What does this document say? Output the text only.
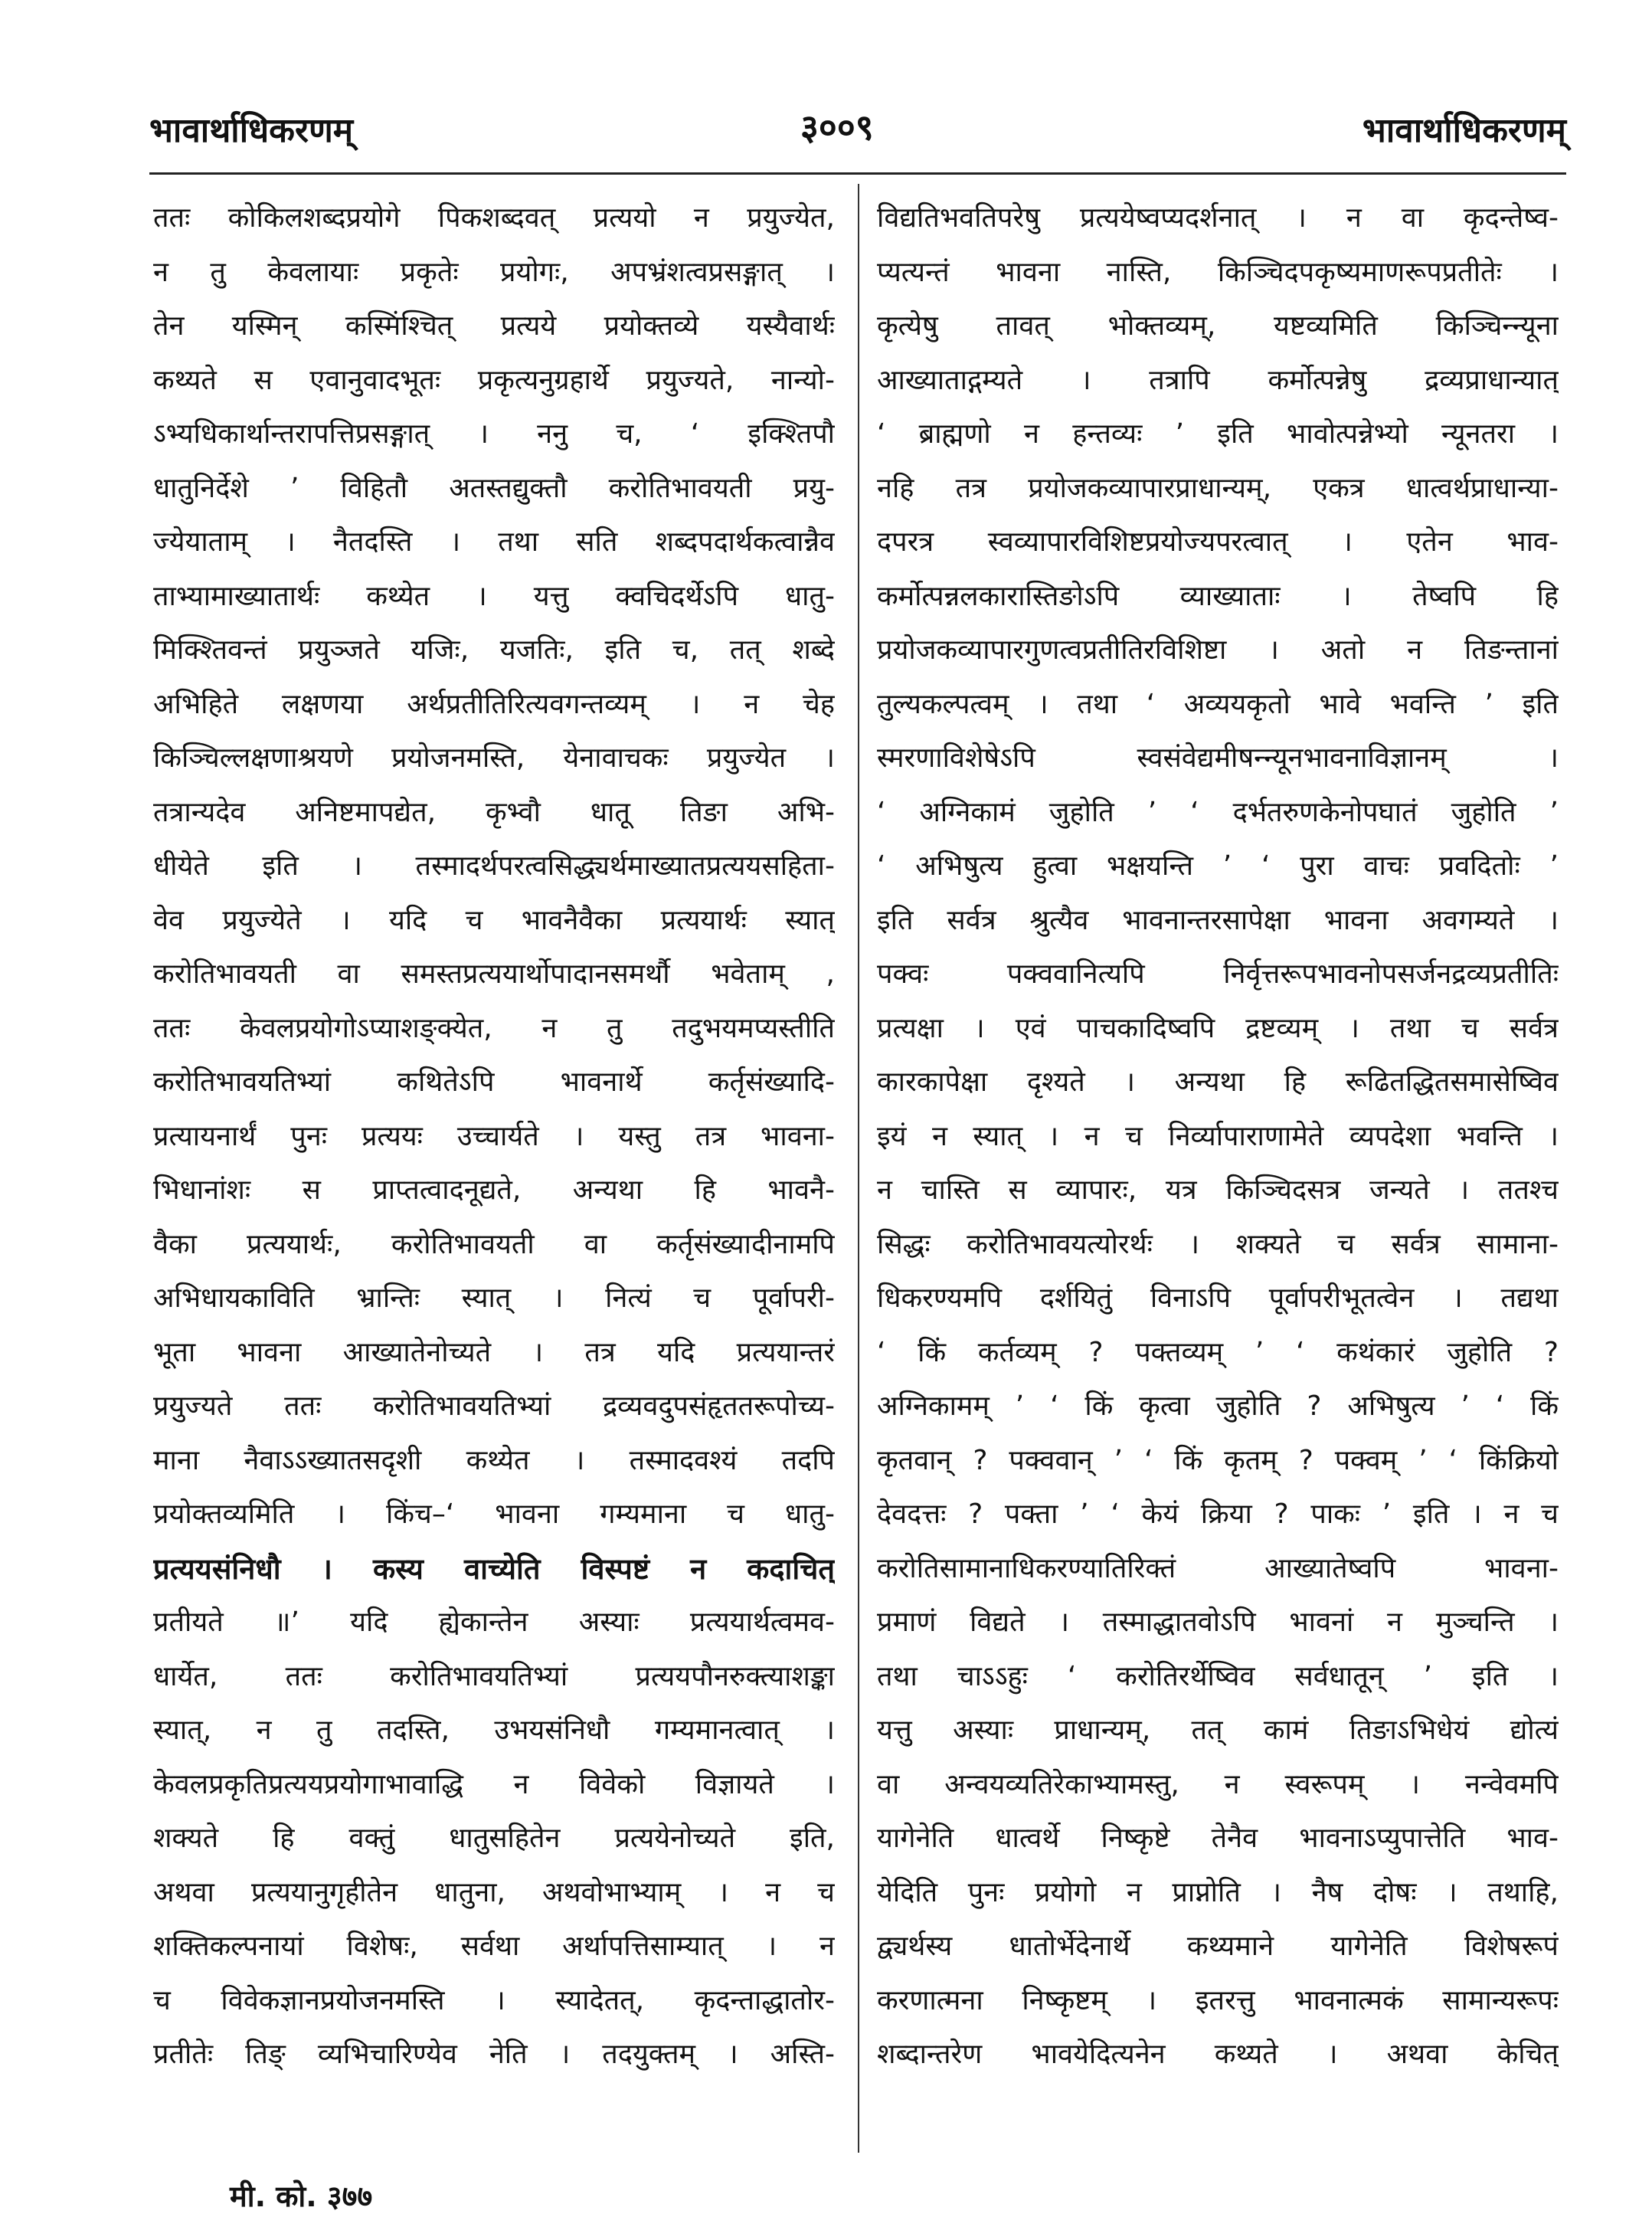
भावार्थाधिकरणम्	३००९	भावार्थाधिकरणम्
ततः कोकिलशब्दप्रयोगे पिकशब्दवत् प्रत्ययो न प्रयुज्येत,
न तु केवलायाः प्रकृतेः प्रयोगः, अपभ्रंशत्वप्रसङ्गात् ।
तेन यस्मिन् कस्मिंश्चित् प्रत्यये प्रयोक्तव्ये यस्यैवार्थः
कथ्यते स एवानुवादभूतः प्रकृत्यनुग्रहार्थे प्रयुज्यते, नान्यो-
ऽभ्यधिकार्थान्तरापत्तिप्रसङ्गात् । ननु च, ‘ इक्श्तिपौ
धातुनिर्देशे ’ विहितौ अतस्तद्युक्तौ करोतिभावयती प्रयु-
ज्येयाताम् । नैतदस्ति । तथा सति शब्दपदार्थकत्वान्नैव
ताभ्यामाख्यातार्थः कथ्येत । यत्तु क्वचिदर्थेऽपि धातु-
मिक्श्तिवन्तं प्रयुञ्जते यजिः, यजतिः, इति च, तत् शब्दे
अभिहिते लक्षणया अर्थप्रतीतिरित्यवगन्तव्यम् । न चेह
किञ्चिल्लक्षणाश्रयणे प्रयोजनमस्ति, येनावाचकः प्रयुज्येत ।
तत्रान्यदेव अनिष्टमापद्येत, कृभ्वौ धातू तिङा अभि-
धीयेते इति । तस्मादर्थपरत्वसिद्ध्यर्थमाख्यातप्रत्ययसहिता-
वेव प्रयुज्येते । यदि च भावनैवैका प्रत्ययार्थः स्यात्
करोतिभावयती वा समस्तप्रत्ययार्थोपादानसमर्थौ भवेताम् ,
ततः केवलप्रयोगोऽप्याशङ्क्येत, न तु तदुभयमप्यस्तीति
करोतिभावयतिभ्यां कथितेऽपि भावनार्थे कर्तृसंख्यादि-
प्रत्यायनार्थं पुनः प्रत्ययः उच्चार्यते । यस्तु तत्र भावना-
भिधानांशः स प्राप्तत्वादनूद्यते, अन्यथा हि भावनै-
वैका प्रत्ययार्थः, करोतिभावयती वा कर्तृसंख्यादीनामपि
अभिधायकाविति भ्रान्तिः स्यात् । नित्यं च पूर्वापरी-
भूता भावना आख्यातेनोच्यते । तत्र यदि प्रत्ययान्तरं
प्रयुज्यते ततः करोतिभावयतिभ्यां द्रव्यवदुपसंहृततरूपोच्य-
माना नैवाऽऽख्यातसदृशी कथ्येत । तस्मादवश्यं तदपि
प्रयोक्तव्यमिति । किंच–‘ भावना गम्यमाना च धातु-
प्रत्ययसंनिधौ । कस्य वाच्येति विस्पष्टं न कदाचित्
प्रतीयते ॥’ यदि ह्येकान्तेन अस्याः प्रत्ययार्थत्वमव-
धार्येत, ततः करोतिभावयतिभ्यां प्रत्ययपौनरुक्त्याशङ्का
स्यात्, न तु तदस्ति, उभयसंनिधौ गम्यमानत्वात् ।
केवलप्रकृतिप्रत्ययप्रयोगाभावाद्धि न विवेको विज्ञायते ।
शक्यते हि वक्तुं धातुसहितेन प्रत्ययेनोच्यते इति,
अथवा प्रत्ययानुगृहीतेन धातुना, अथवोभाभ्याम् । न च
शक्तिकल्पनायां विशेषः, सर्वथा अर्थापत्तिसाम्यात् । न
च विवेकज्ञानप्रयोजनमस्ति । स्यादेतत्, कृदन्ताद्धातोर-
प्रतीतेः तिङ् व्यभिचारिण्येव नेति । तदयुक्तम् । अस्ति-
विद्यतिभवतिपरेषु प्रत्ययेष्वप्यदर्शनात् । न वा कृदन्तेष्व-
प्यत्यन्तं भावना नास्ति, किञ्चिदपकृष्यमाणरूपप्रतीतेः ।
कृत्येषु तावत् भोक्तव्यम्, यष्टव्यमिति किञ्चिन्न्यूना
आख्याताद्गम्यते । तत्रापि कर्मोत्पन्नेषु द्रव्यप्राधान्यात्
‘ ब्राह्मणो न हन्तव्यः ’ इति भावोत्पन्नेभ्यो न्यूनतरा ।
नहि तत्र प्रयोजकव्यापारप्राधान्यम्, एकत्र धात्वर्थप्राधान्या-
दपरत्र स्वव्यापारविशिष्टप्रयोज्यपरत्वात् । एतेन भाव-
कर्मोत्पन्नलकारास्तिङोऽपि व्याख्याताः । तेष्वपि हि
प्रयोजकव्यापारगुणत्वप्रतीतिरविशिष्टा । अतो न तिङन्तानां
तुल्यकल्पत्वम् । तथा ‘ अव्ययकृतो भावे भवन्ति ’ इति
स्मरणाविशेषेऽपि स्वसंवेद्यमीषन्न्यूनभावनाविज्ञानम् ।
‘ अग्निकामं जुहोति ’ ‘ दर्भतरुणकेनोपघातं जुहोति ’
‘ अभिषुत्य हुत्वा भक्षयन्ति ’ ‘ पुरा वाचः प्रवदितोः ’
इति सर्वत्र श्रुत्यैव भावनान्तरसापेक्षा भावना अवगम्यते ।
पक्वः पक्ववानित्यपि निर्वृत्तरूपभावनोपसर्जनद्रव्यप्रतीतिः
प्रत्यक्षा । एवं पाचकादिष्वपि द्रष्टव्यम् । तथा च सर्वत्र
कारकापेक्षा दृश्यते । अन्यथा हि रूढितद्धितसमासेष्विव
इयं न स्यात् । न च निर्व्यापाराणामेते व्यपदेशा भवन्ति ।
न चास्ति स व्यापारः, यत्र किञ्चिदसत्र जन्यते । ततश्च
सिद्धः करोतिभावयत्योरर्थः । शक्यते च सर्वत्र सामाना-
धिकरण्यमपि दर्शयितुं विनाऽपि पूर्वापरीभूतत्वेन । तद्यथा
‘ किं कर्तव्यम् ? पक्तव्यम् ’ ‘ कथंकारं जुहोति ?
अग्निकामम् ’ ‘ किं कृत्वा जुहोति ? अभिषुत्य ’ ‘ किं
कृतवान् ? पक्ववान् ’ ‘ किं कृतम् ? पक्वम् ’ ‘ किंक्रियो
देवदत्तः ? पक्ता ’ ‘ केयं क्रिया ? पाकः ’ इति । न च
करोतिसामानाधिकरण्यातिरिक्तं आख्यातेष्वपि भावना-
प्रमाणं विद्यते । तस्माद्धातवोऽपि भावनां न मुञ्चन्ति ।
तथा चाऽऽहुः ‘ करोतिरर्थेष्विव सर्वधातून् ’ इति ।
यत्तु अस्याः प्राधान्यम्, तत् कामं तिङाऽभिधेयं द्योत्यं
वा अन्वयव्यतिरेकाभ्यामस्तु, न स्वरूपम् । नन्वेवमपि
यागेनेति धात्वर्थे निष्कृष्टे तेनैव भावनाऽप्युपात्तेति भाव-
येदिति पुनः प्रयोगो न प्राप्नोति । नैष दोषः । तथाहि,
द्व्यर्थस्य धातोर्भेदेनार्थे कथ्यमाने यागेनेति विशेषरूपं
करणात्मना निष्कृष्टम् । इतरत्तु भावनात्मकं सामान्यरूपः
शब्दान्तरेण भावयेदित्यनेन कथ्यते । अथवा केचित्
मी. को. ३७७
